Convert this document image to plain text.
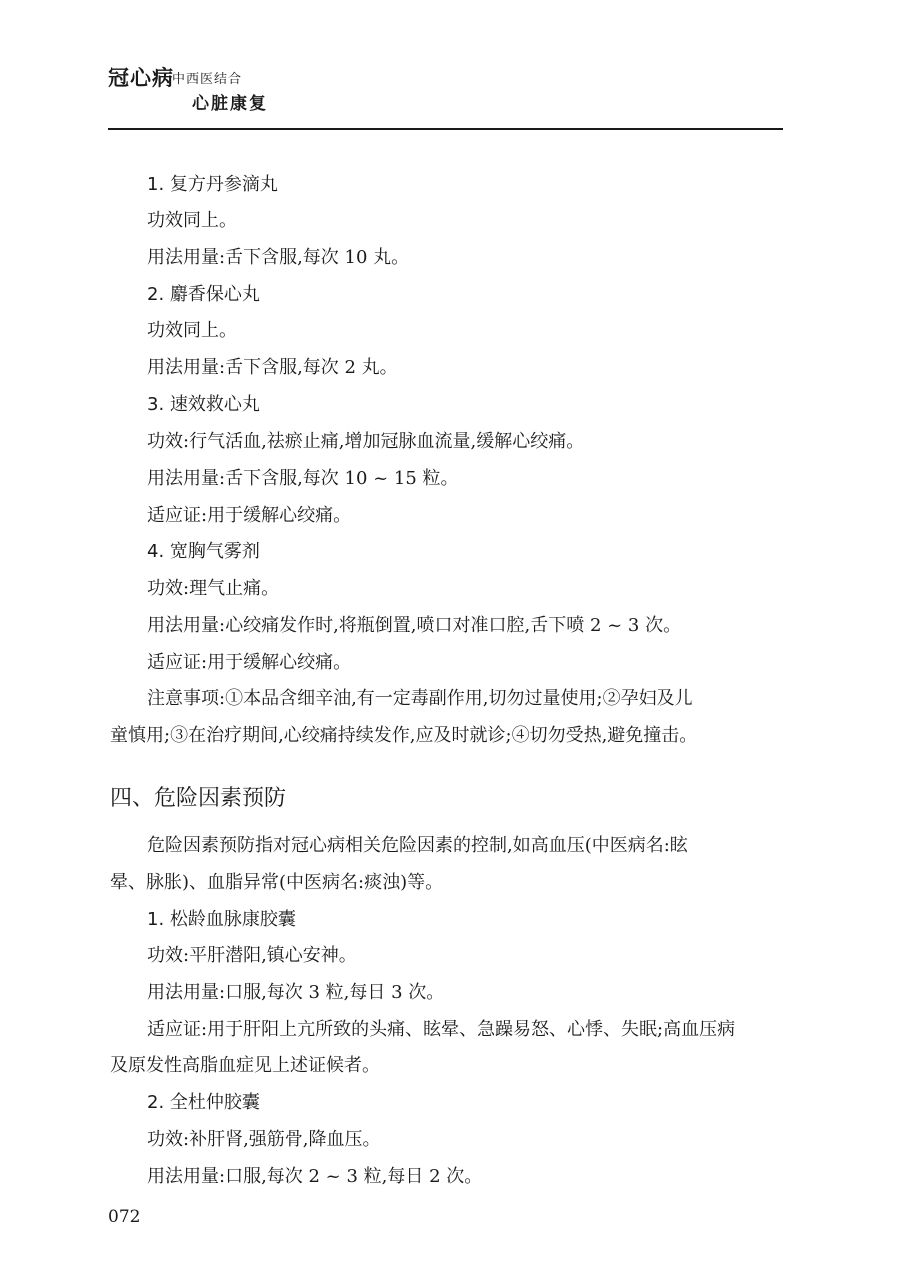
冠心病
中西医结合
心脏康复
1. 复方丹参滴丸
功效同上。
用法用量:舌下含服,每次 10 丸。
2. 麝香保心丸
功效同上。
用法用量:舌下含服,每次 2 丸。
3. 速效救心丸
功效:行气活血,祛瘀止痛,增加冠脉血流量,缓解心绞痛。
用法用量:舌下含服,每次 10 ~ 15 粒。
适应证:用于缓解心绞痛。
4. 宽胸气雾剂
功效:理气止痛。
用法用量:心绞痛发作时,将瓶倒置,喷口对准口腔,舌下喷 2 ~ 3 次。
适应证:用于缓解心绞痛。
注意事项:①本品含细辛油,有一定毒副作用,切勿过量使用;②孕妇及儿
童慎用;③在治疗期间,心绞痛持续发作,应及时就诊;④切勿受热,避免撞击。
四、危险因素预防
危险因素预防指对冠心病相关危险因素的控制,如高血压(中医病名:眩
晕、脉胀)、血脂异常(中医病名:痰浊)等。
1. 松龄血脉康胶囊
功效:平肝潜阳,镇心安神。
用法用量:口服,每次 3 粒,每日 3 次。
适应证:用于肝阳上亢所致的头痛、眩晕、急躁易怒、心悸、失眠;高血压病
及原发性高脂血症见上述证候者。
2. 全杜仲胶囊
功效:补肝肾,强筋骨,降血压。
用法用量:口服,每次 2 ~ 3 粒,每日 2 次。
072
